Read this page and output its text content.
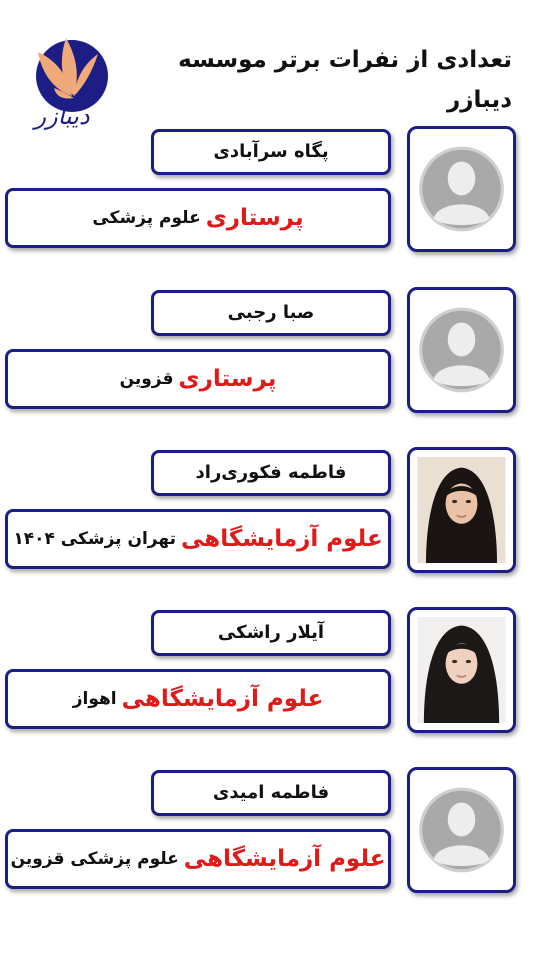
دیبازر
تعدادی از نفرات برتر موسسه دیبازر
پگاه سرآبادی
پرستاری
علوم پزشکی
صبا رجبی
پرستاری
قزوین
فاطمه فکوری‌راد
علوم آزمایشگاهی
تهران پزشکی ۱۴۰۴
آیلار راشکی
علوم آزمایشگاهی
اهواز
فاطمه امیدی
علوم آزمایشگاهی
علوم پزشکی قزوین
